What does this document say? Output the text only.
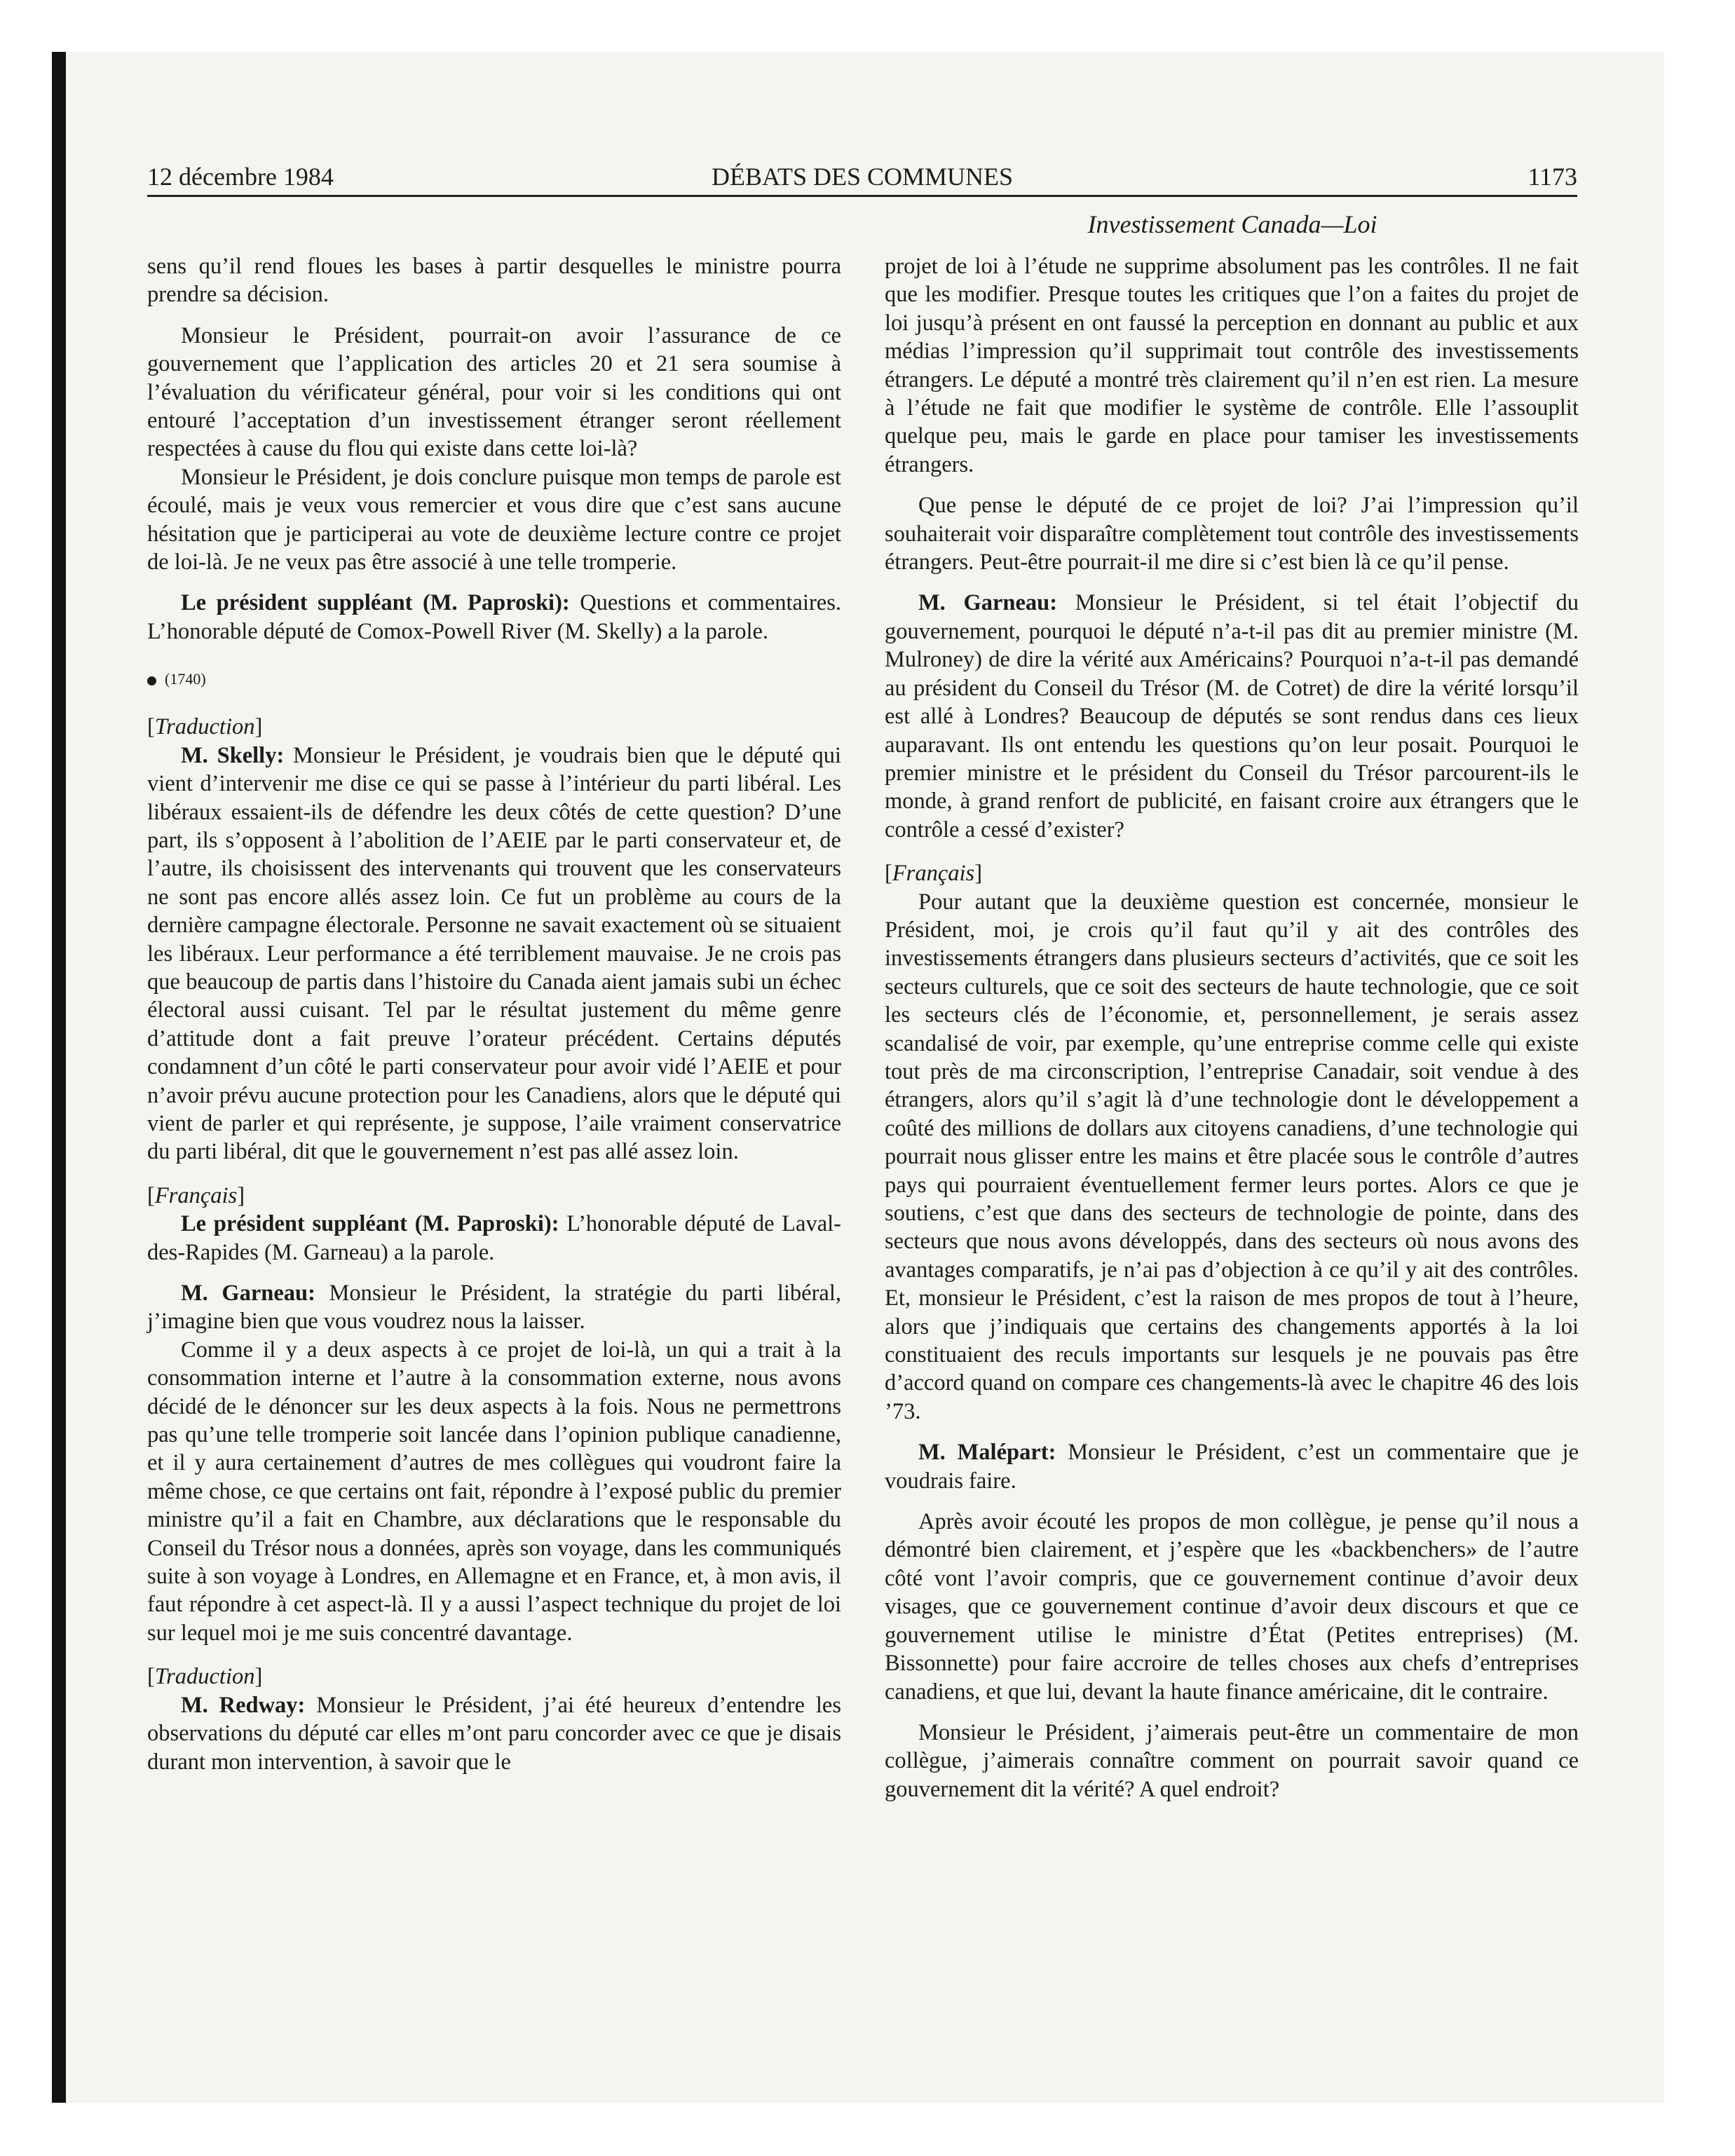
12 décembre 1984	DÉBATS DES COMMUNES	1173
Investissement Canada—Loi

sens qu’il rend floues les bases à partir desquelles le ministre pourra prendre sa décision.

Monsieur le Président, pourrait-on avoir l’assurance de ce gouvernement que l’application des articles 20 et 21 sera soumise à l’évaluation du vérificateur général, pour voir si les conditions qui ont entouré l’acceptation d’un investissement étranger seront réellement respectées à cause du flou qui existe dans cette loi-là?

Monsieur le Président, je dois conclure puisque mon temps de parole est écoulé, mais je veux vous remercier et vous dire que c’est sans aucune hésitation que je participerai au vote de deuxième lecture contre ce projet de loi-là. Je ne veux pas être associé à une telle tromperie.

Le président suppléant (M. Paproski): Questions et commentaires. L’honorable député de Comox-Powell River (M. Skelly) a la parole.

(1740)

[Traduction]

M. Skelly: Monsieur le Président, je voudrais bien que le député qui vient d’intervenir me dise ce qui se passe à l’intérieur du parti libéral. Les libéraux essaient-ils de défendre les deux côtés de cette question? D’une part, ils s’opposent à l’abolition de l’AEIE par le parti conservateur et, de l’autre, ils choisissent des intervenants qui trouvent que les conservateurs ne sont pas encore allés assez loin. Ce fut un problème au cours de la dernière campagne électorale. Personne ne savait exactement où se situaient les libéraux. Leur performance a été terriblement mauvaise. Je ne crois pas que beaucoup de partis dans l’histoire du Canada aient jamais subi un échec électoral aussi cuisant. Tel par le résultat justement du même genre d’attitude dont a fait preuve l’orateur précédent. Certains députés condamnent d’un côté le parti conservateur pour avoir vidé l’AEIE et pour n’avoir prévu aucune protection pour les Canadiens, alors que le député qui vient de parler et qui représente, je suppose, l’aile vraiment conservatrice du parti libéral, dit que le gouvernement n’est pas allé assez loin.

[Français]

Le président suppléant (M. Paproski): L’honorable député de Laval-des-Rapides (M. Garneau) a la parole.

M. Garneau: Monsieur le Président, la stratégie du parti libéral, j’imagine bien que vous voudrez nous la laisser.

Comme il y a deux aspects à ce projet de loi-là, un qui a trait à la consommation interne et l’autre à la consommation externe, nous avons décidé de le dénoncer sur les deux aspects à la fois. Nous ne permettrons pas qu’une telle tromperie soit lancée dans l’opinion publique canadienne, et il y aura certainement d’autres de mes collègues qui voudront faire la même chose, ce que certains ont fait, répondre à l’exposé public du premier ministre qu’il a fait en Chambre, aux déclarations que le responsable du Conseil du Trésor nous a données, après son voyage, dans les communiqués suite à son voyage à Londres, en Allemagne et en France, et, à mon avis, il faut répondre à cet aspect-là. Il y a aussi l’aspect technique du projet de loi sur lequel moi je me suis concentré davantage.

[Traduction]

M. Redway: Monsieur le Président, j’ai été heureux d’entendre les observations du député car elles m’ont paru concorder avec ce que je disais durant mon intervention, à savoir que le

projet de loi à l’étude ne supprime absolument pas les contrôles. Il ne fait que les modifier. Presque toutes les critiques que l’on a faites du projet de loi jusqu’à présent en ont faussé la perception en donnant au public et aux médias l’impression qu’il supprimait tout contrôle des investissements étrangers. Le député a montré très clairement qu’il n’en est rien. La mesure à l’étude ne fait que modifier le système de contrôle. Elle l’assouplit quelque peu, mais le garde en place pour tamiser les investissements étrangers.

Que pense le député de ce projet de loi? J’ai l’impression qu’il souhaiterait voir disparaître complètement tout contrôle des investissements étrangers. Peut-être pourrait-il me dire si c’est bien là ce qu’il pense.

M. Garneau: Monsieur le Président, si tel était l’objectif du gouvernement, pourquoi le député n’a-t-il pas dit au premier ministre (M. Mulroney) de dire la vérité aux Américains? Pourquoi n’a-t-il pas demandé au président du Conseil du Trésor (M. de Cotret) de dire la vérité lorsqu’il est allé à Londres? Beaucoup de députés se sont rendus dans ces lieux auparavant. Ils ont entendu les questions qu’on leur posait. Pourquoi le premier ministre et le président du Conseil du Trésor parcourent-ils le monde, à grand renfort de publicité, en faisant croire aux étrangers que le contrôle a cessé d’exister?

[Français]

Pour autant que la deuxième question est concernée, monsieur le Président, moi, je crois qu’il faut qu’il y ait des contrôles des investissements étrangers dans plusieurs secteurs d’activités, que ce soit les secteurs culturels, que ce soit des secteurs de haute technologie, que ce soit les secteurs clés de l’économie, et, personnellement, je serais assez scandalisé de voir, par exemple, qu’une entreprise comme celle qui existe tout près de ma circonscription, l’entreprise Canadair, soit vendue à des étrangers, alors qu’il s’agit là d’une technologie dont le développement a coûté des millions de dollars aux citoyens canadiens, d’une technologie qui pourrait nous glisser entre les mains et être placée sous le contrôle d’autres pays qui pourraient éventuellement fermer leurs portes. Alors ce que je soutiens, c’est que dans des secteurs de technologie de pointe, dans des secteurs que nous avons développés, dans des secteurs où nous avons des avantages comparatifs, je n’ai pas d’objection à ce qu’il y ait des contrôles. Et, monsieur le Président, c’est la raison de mes propos de tout à l’heure, alors que j’indiquais que certains des changements apportés à la loi constituaient des reculs importants sur lesquels je ne pouvais pas être d’accord quand on compare ces changements-là avec le chapitre 46 des lois ’73.

M. Malépart: Monsieur le Président, c’est un commentaire que je voudrais faire.

Après avoir écouté les propos de mon collègue, je pense qu’il nous a démontré bien clairement, et j’espère que les «backbenchers» de l’autre côté vont l’avoir compris, que ce gouvernement continue d’avoir deux visages, que ce gouvernement continue d’avoir deux discours et que ce gouvernement utilise le ministre d’État (Petites entreprises) (M. Bissonnette) pour faire accroire de telles choses aux chefs d’entreprises canadiens, et que lui, devant la haute finance américaine, dit le contraire.

Monsieur le Président, j’aimerais peut-être un commentaire de mon collègue, j’aimerais connaître comment on pourrait savoir quand ce gouvernement dit la vérité? A quel endroit?
